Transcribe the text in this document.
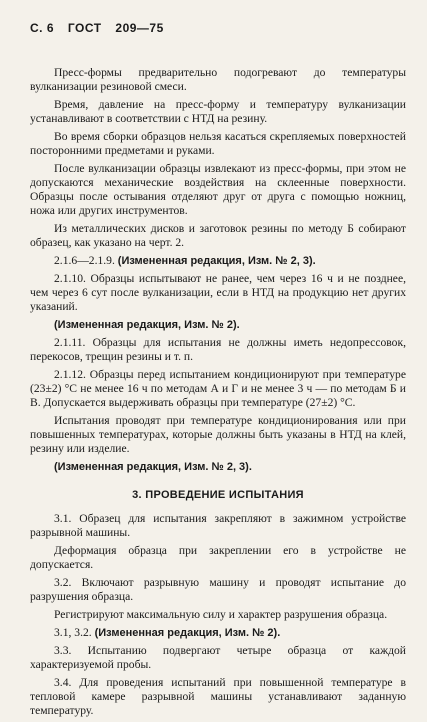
С. 6 ГОСТ 209—75

Пресс-формы предварительно подогревают до температуры вулканизации резиновой смеси.

Время, давление на пресс-форму и температуру вулканизации устанавливают в соответствии с НТД на резину.

Во время сборки образцов нельзя касаться скрепляемых поверхностей посторонними предметами и руками.

После вулканизации образцы извлекают из пресс-формы, при этом не допускаются механические воздействия на склеенные поверхности. Образцы после остывания отделяют друг от друга с помощью ножниц, ножа или других инструментов.

Из металлических дисков и заготовок резины по методу Б собирают образец, как указано на черт. 2.

2.1.6—2.1.9. (Измененная редакция, Изм. № 2, 3).

2.1.10. Образцы испытывают не ранее, чем через 16 ч и не позднее, чем через 6 сут после вулканизации, если в НТД на продукцию нет других указаний.

(Измененная редакция, Изм. № 2).

2.1.11. Образцы для испытания не должны иметь недопрессовок, перекосов, трещин резины и т. п.

2.1.12. Образцы перед испытанием кондиционируют при температуре (23±2) °С не менее 16 ч по методам А и Г и не менее 3 ч — по методам Б и В. Допускается выдерживать образцы при температуре (27±2) °С.

Испытания проводят при температуре кондиционирования или при повышенных температурах, которые должны быть указаны в НТД на клей, резину или изделие.

(Измененная редакция, Изм. № 2, 3).

3. ПРОВЕДЕНИЕ ИСПЫТАНИЯ

3.1. Образец для испытания закрепляют в зажимном устройстве разрывной машины.

Деформация образца при закреплении его в устройстве не допускается.

3.2. Включают разрывную машину и проводят испытание до разрушения образца.

Регистрируют максимальную силу и характер разрушения образца.

3.1, 3.2. (Измененная редакция, Изм. № 2).

3.3. Испытанию подвергают четыре образца от каждой характеризуемой пробы.

3.4. Для проведения испытаний при повышенной температуре в тепловой камере разрывной машины устанавливают заданную температуру.
